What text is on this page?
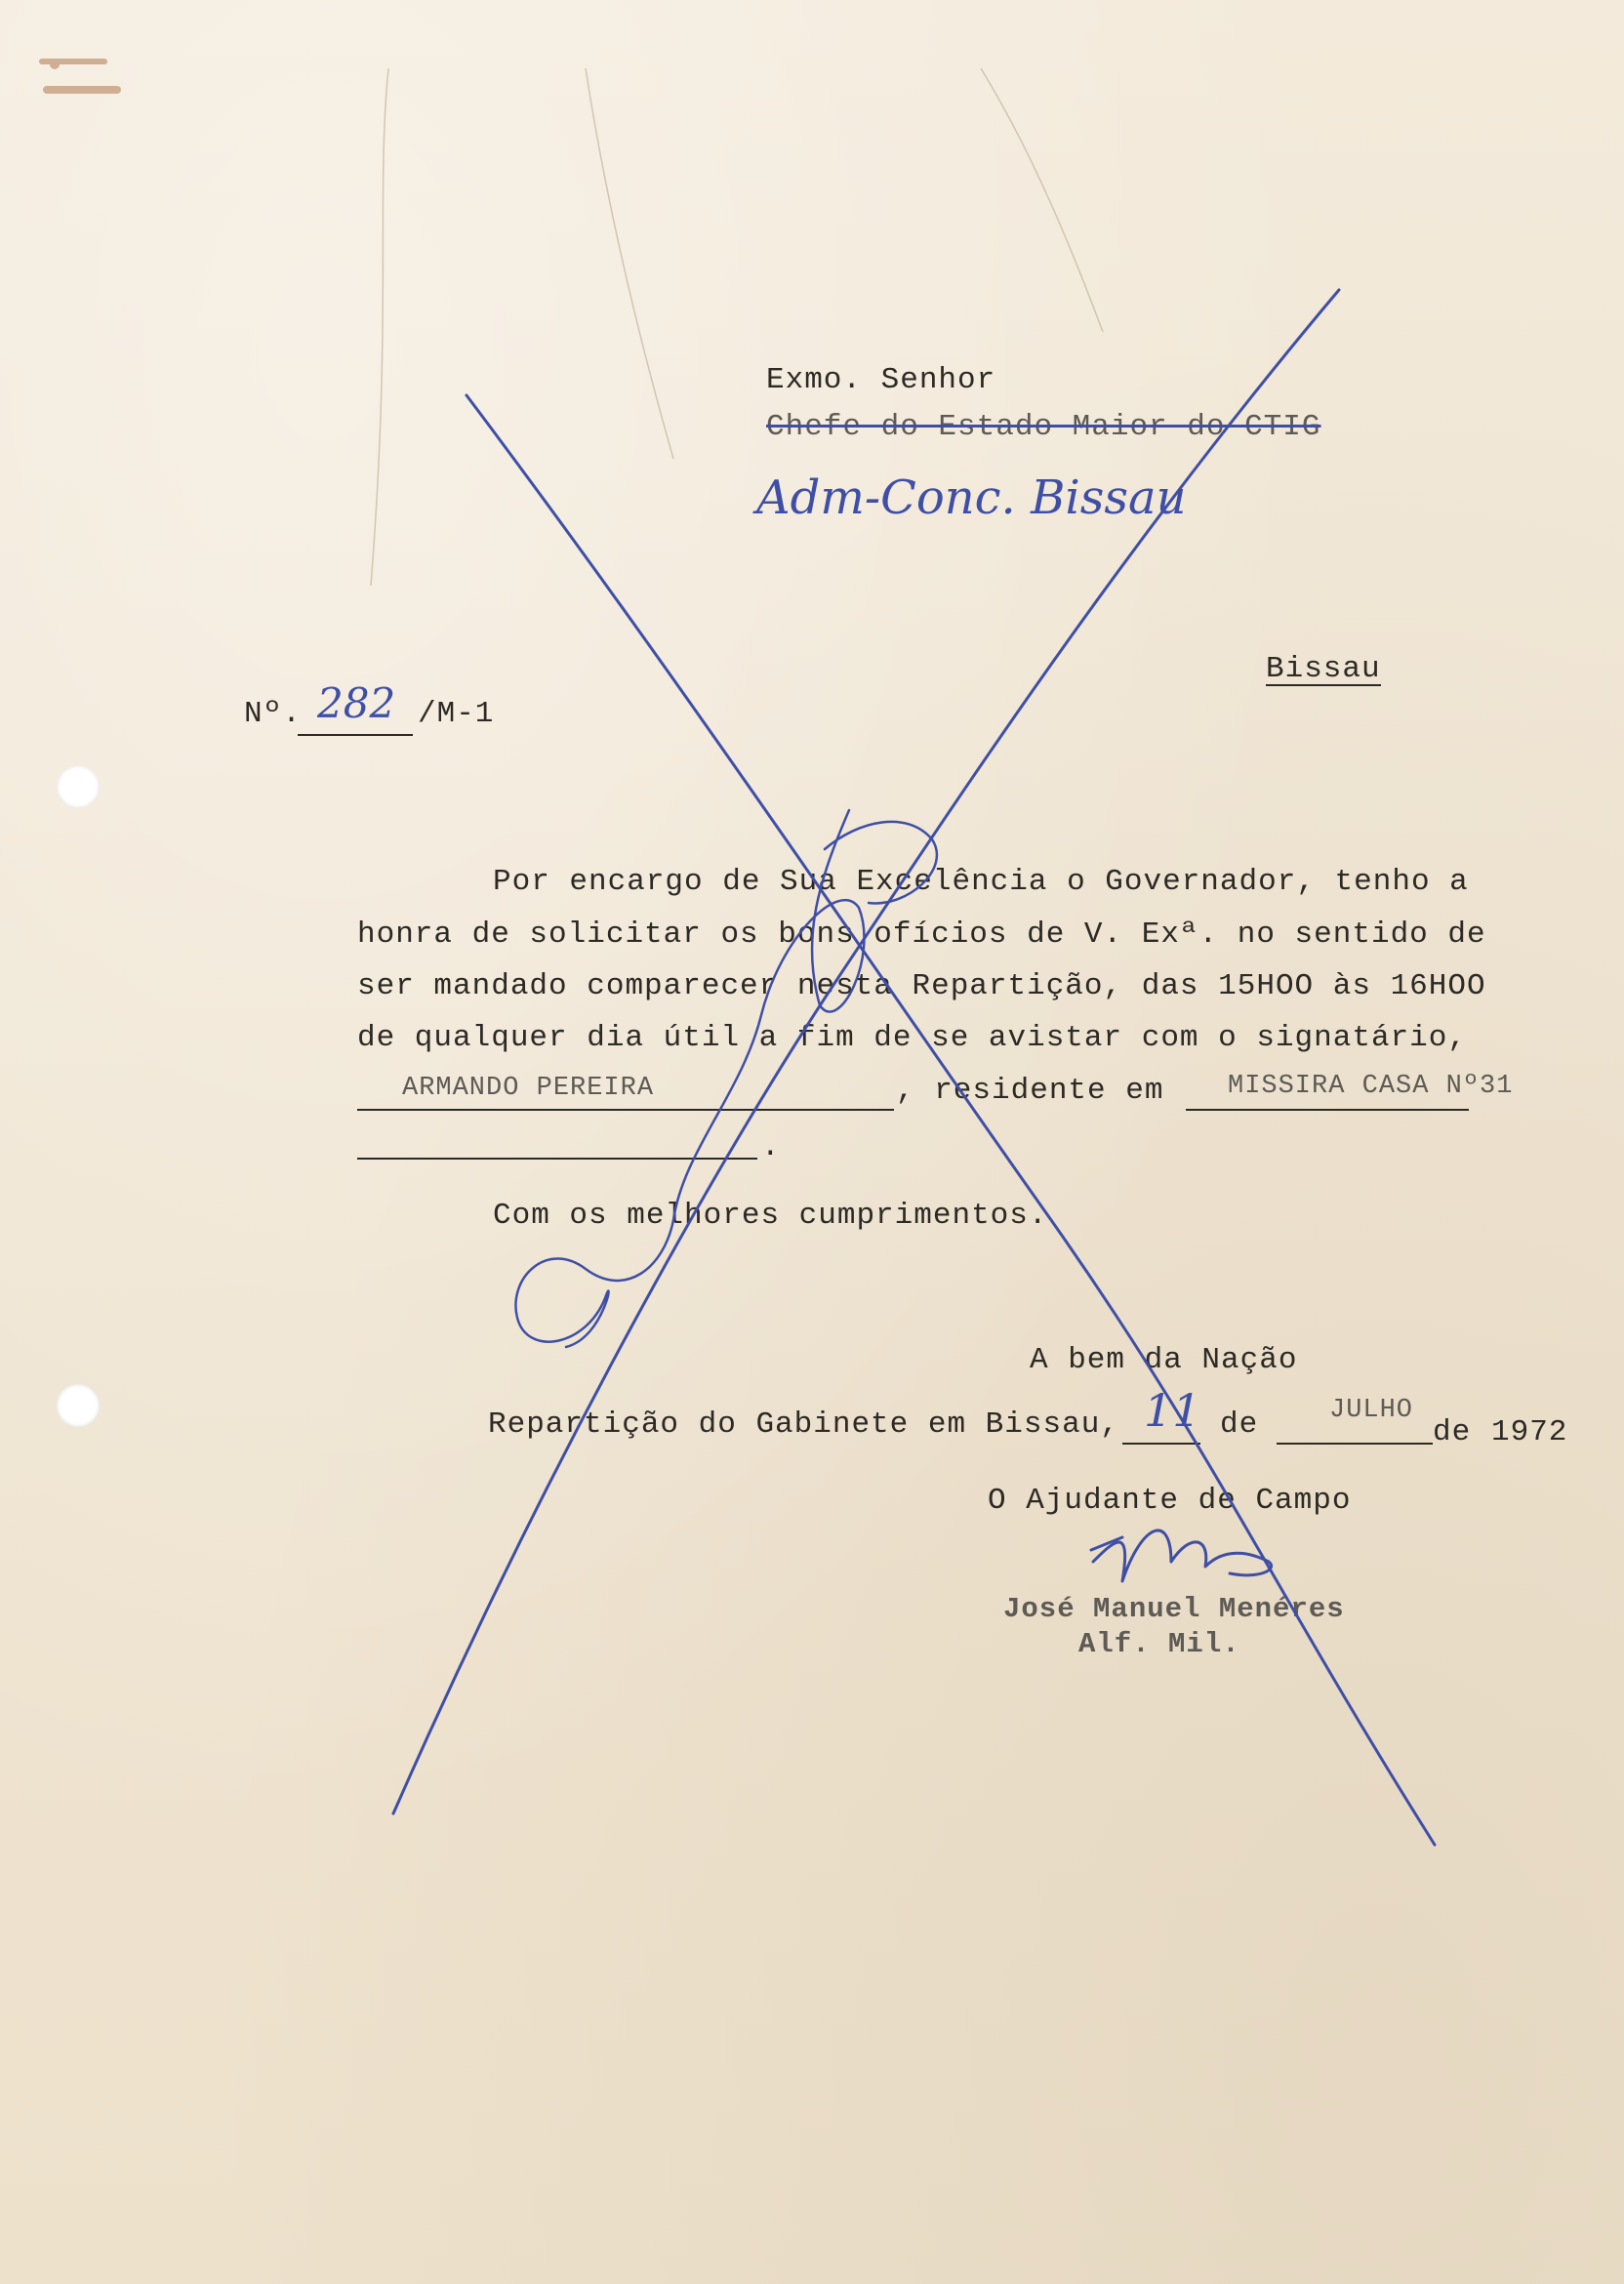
Exmo. Senhor
Chefe do Estado Maior do CTIG
Adm-Conc. Bissau
Bissau
Nº. 282 /M-1
Por encargo de Sua Excelência o Governador, tenho a
honra de solicitar os bons ofícios de V. Exª. no sentido de
ser mandado comparecer nesta Repartição, das 15HOO às 16HOO
de qualquer dia útil a fim de se avistar com o signatário,
ARMANDO PEREIRA	, residente em MISSIRA CASA Nº31
.
Com os melhores cumprimentos.
A bem da Nação
Repartição do Gabinete em Bissau, 11 de	JULHO
de 1972
O Ajudante de Campo
José Manuel Menéres
Alf. Mil.
